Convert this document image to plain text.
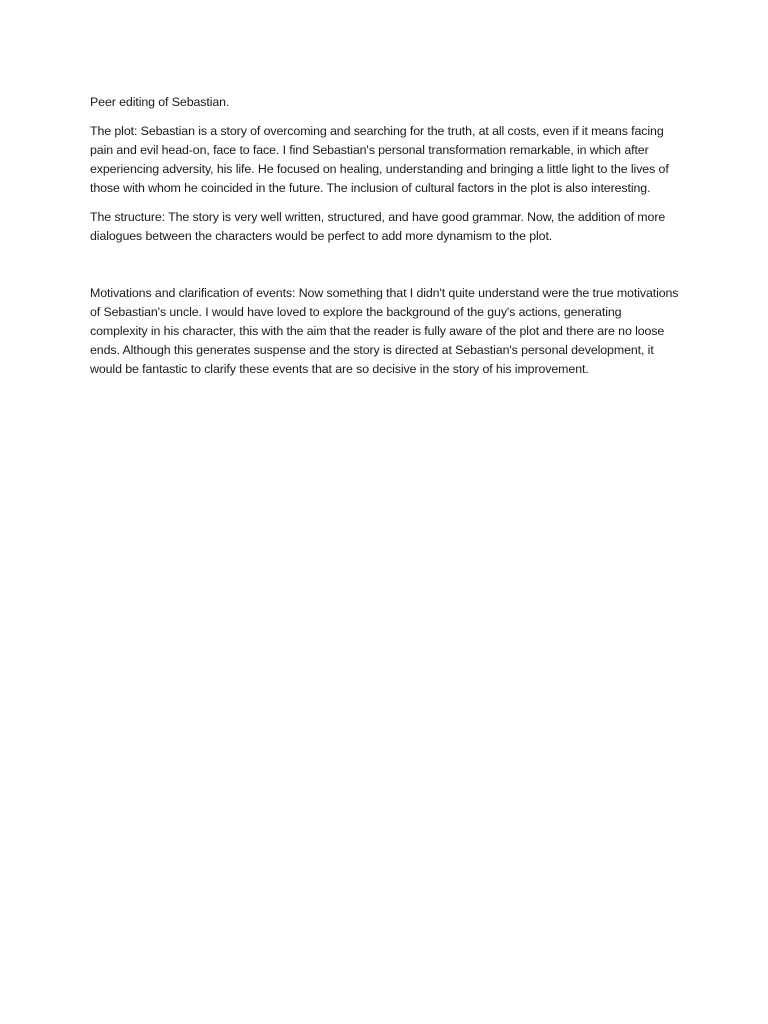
Peer editing of Sebastian.

The plot: Sebastian is a story of overcoming and searching for the truth, at all costs, even if it means facing pain and evil head-on, face to face. I find Sebastian's personal transformation remarkable, in which after experiencing adversity, his life. He focused on healing, understanding and bringing a little light to the lives of those with whom he coincided in the future. The inclusion of cultural factors in the plot is also interesting.

The structure: The story is very well written, structured, and have good grammar. Now, the addition of more dialogues between the characters would be perfect to add more dynamism to the plot.

Motivations and clarification of events: Now something that I didn't quite understand were the true motivations of Sebastian's uncle. I would have loved to explore the background of the guy's actions, generating complexity in his character, this with the aim that the reader is fully aware of the plot and there are no loose ends. Although this generates suspense and the story is directed at Sebastian's personal development, it would be fantastic to clarify these events that are so decisive in the story of his improvement.
